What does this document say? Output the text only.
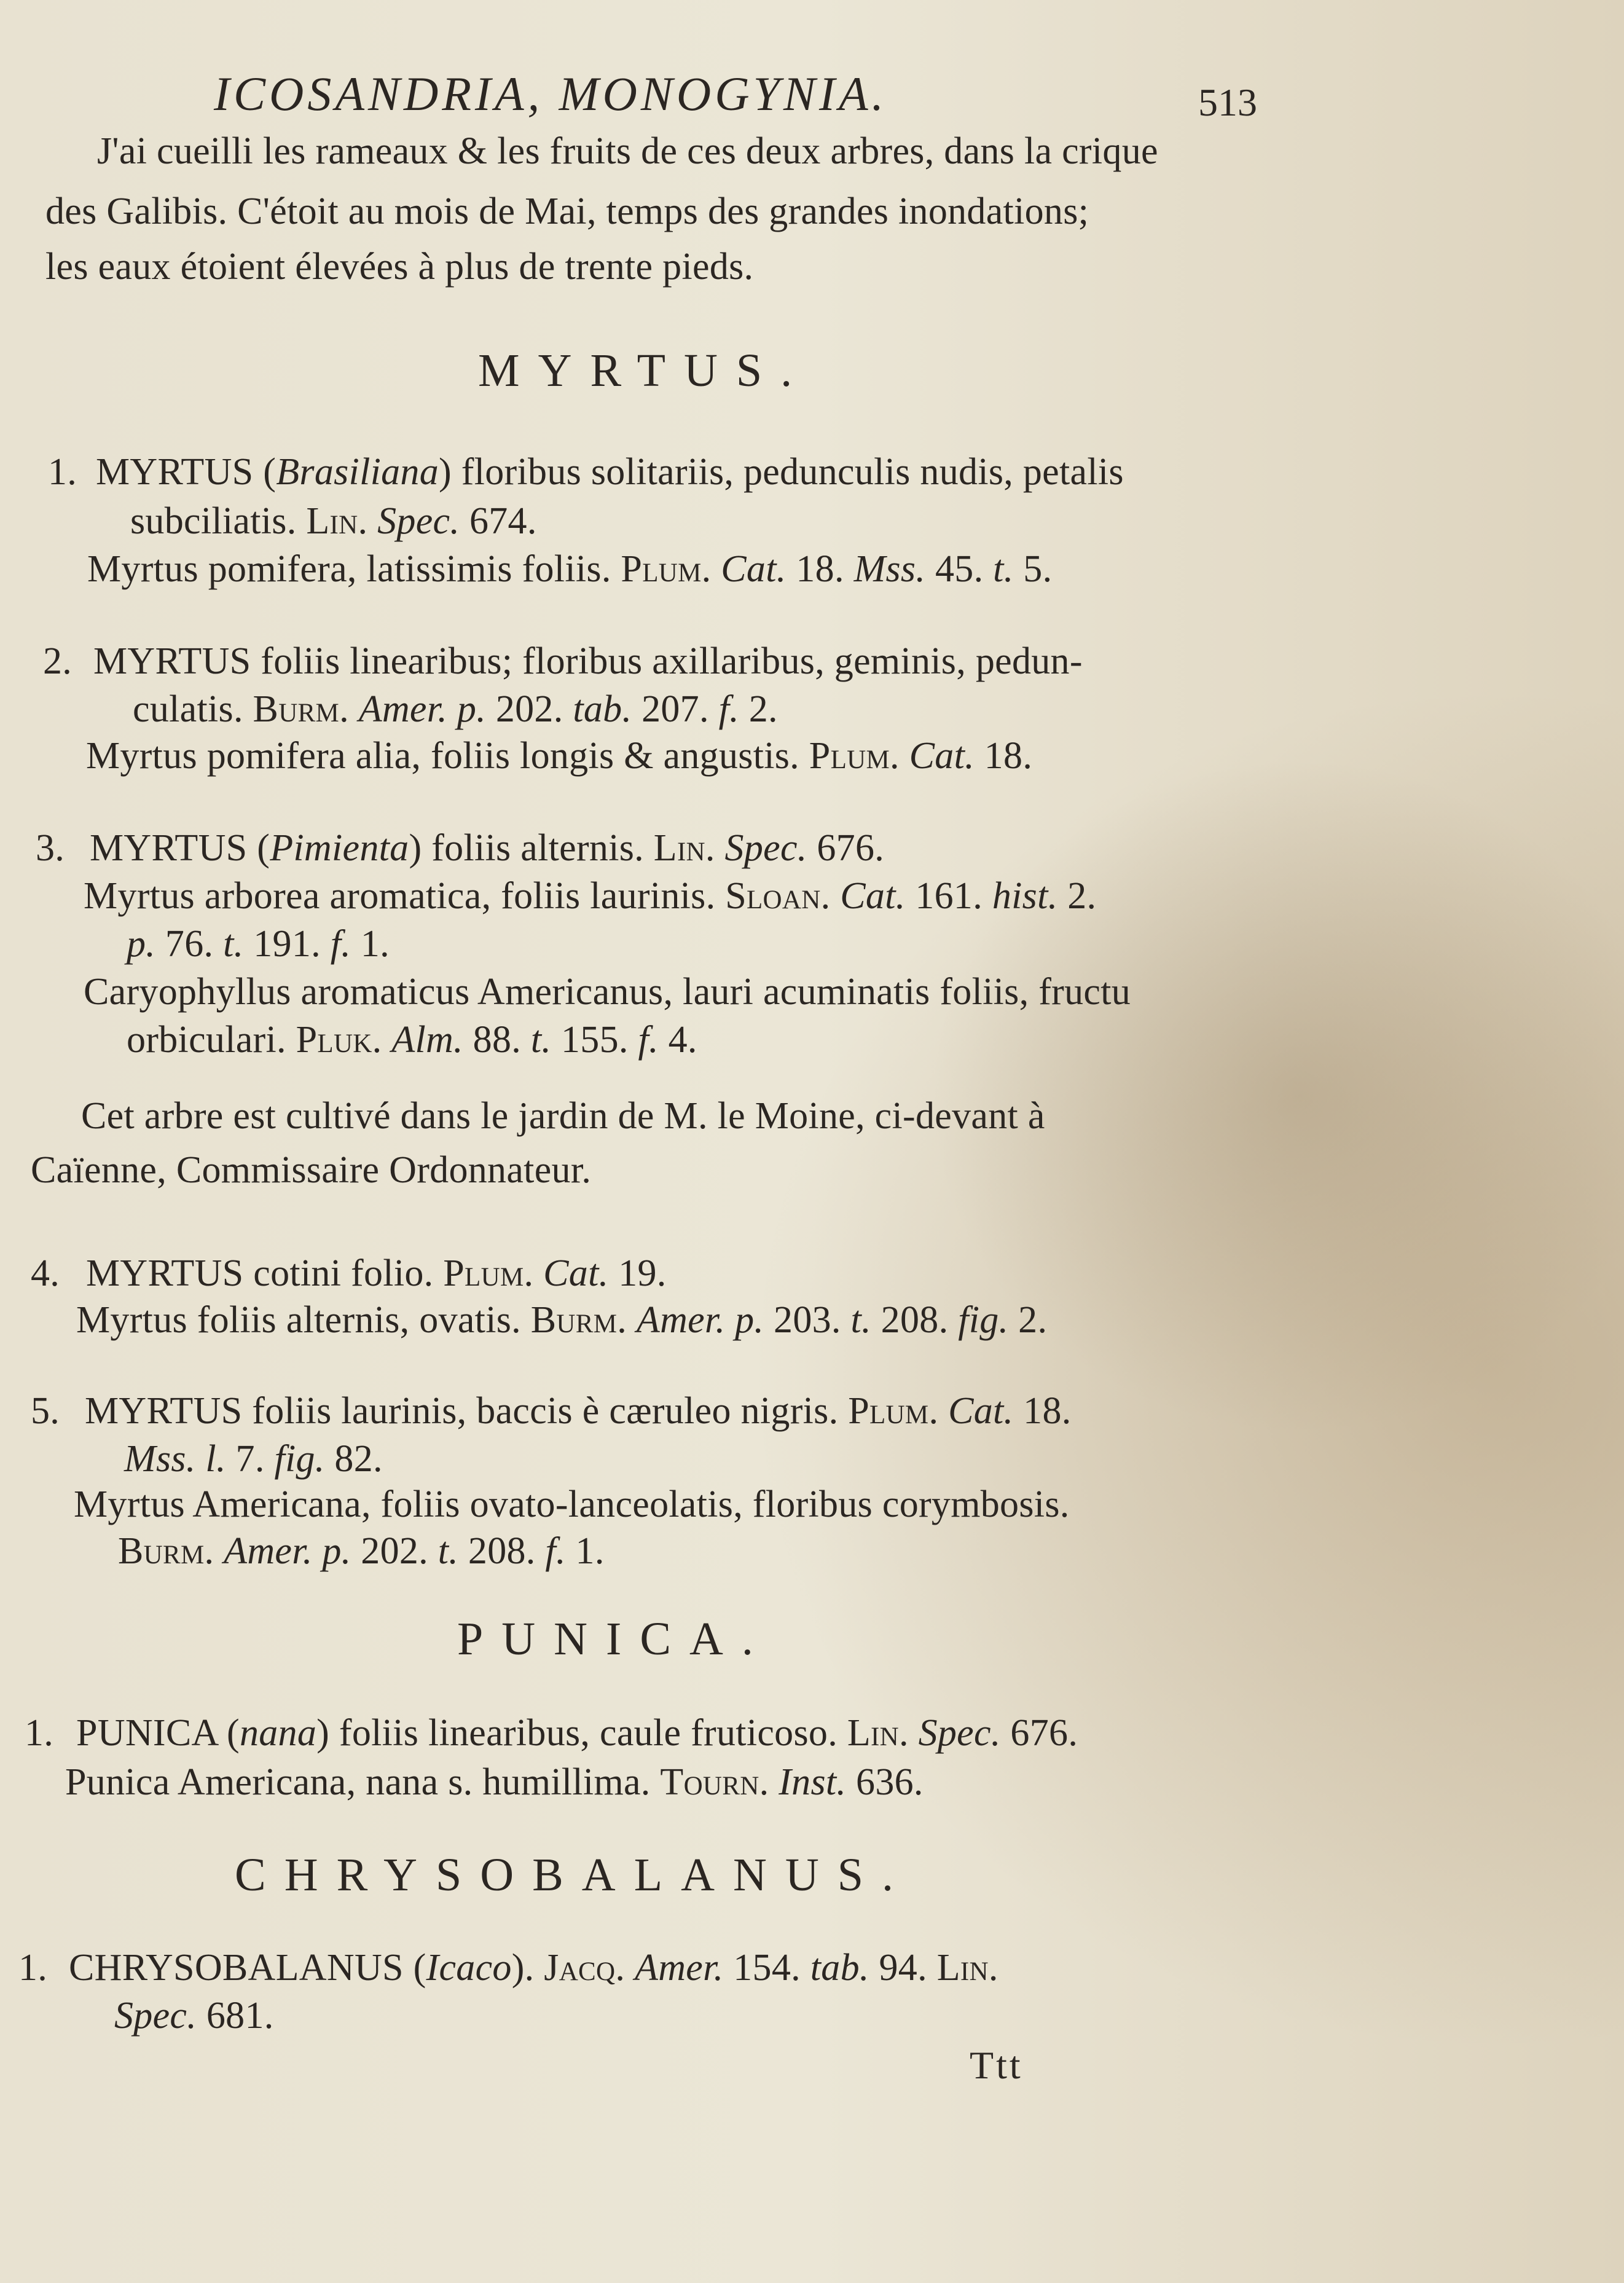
ICOSANDRIA, MONOGYNIA.	513
J'ai cueilli les rameaux & les fruits de ces deux arbres, dans la crique
des Galibis. C'étoit au mois de Mai, temps des grandes inondations;
les eaux étoient élevées à plus de trente pieds.
MYRTUS.
1. MYRTUS (Brasiliana) floribus solitariis, pedunculis nudis, petalis
subciliatis. Lin. Spec. 674.
Myrtus pomifera, latissimis foliis. Plum. Cat. 18. Mss. 45. t. 5.
2. MYRTUS foliis linearibus; floribus axillaribus, geminis, pedun-
culatis. Burm. Amer. p. 202. tab. 207. f. 2.
Myrtus pomifera alia, foliis longis & angustis. Plum. Cat. 18.
3. MYRTUS (Pimienta) foliis alternis. Lin. Spec. 676.
Myrtus arborea aromatica, foliis laurinis. Sloan. Cat. 161. hist. 2.
p. 76. t. 191. f. 1.
Caryophyllus aromaticus Americanus, lauri acuminatis foliis, fructu
orbiculari. Pluk. Alm. 88. t. 155. f. 4.
Cet arbre est cultivé dans le jardin de M. le Moine, ci-devant à
Caïenne, Commissaire Ordonnateur.
4. MYRTUS cotini folio. Plum. Cat. 19.
Myrtus foliis alternis, ovatis. Burm. Amer. p. 203. t. 208. fig. 2.
5. MYRTUS foliis laurinis, baccis è cæruleo nigris. Plum. Cat. 18.
Mss. l. 7. fig. 82.
Myrtus Americana, foliis ovato-lanceolatis, floribus corymbosis.
Burm. Amer. p. 202. t. 208. f. 1.
PUNICA.
1. PUNICA (nana) foliis linearibus, caule fruticoso. Lin. Spec. 676.
Punica Americana, nana s. humillima. Tourn. Inst. 636.
CHRYSOBALANUS.
1. CHRYSOBALANUS (Icaco). Jacq. Amer. 154. tab. 94. Lin.
Spec. 681.
Ttt
